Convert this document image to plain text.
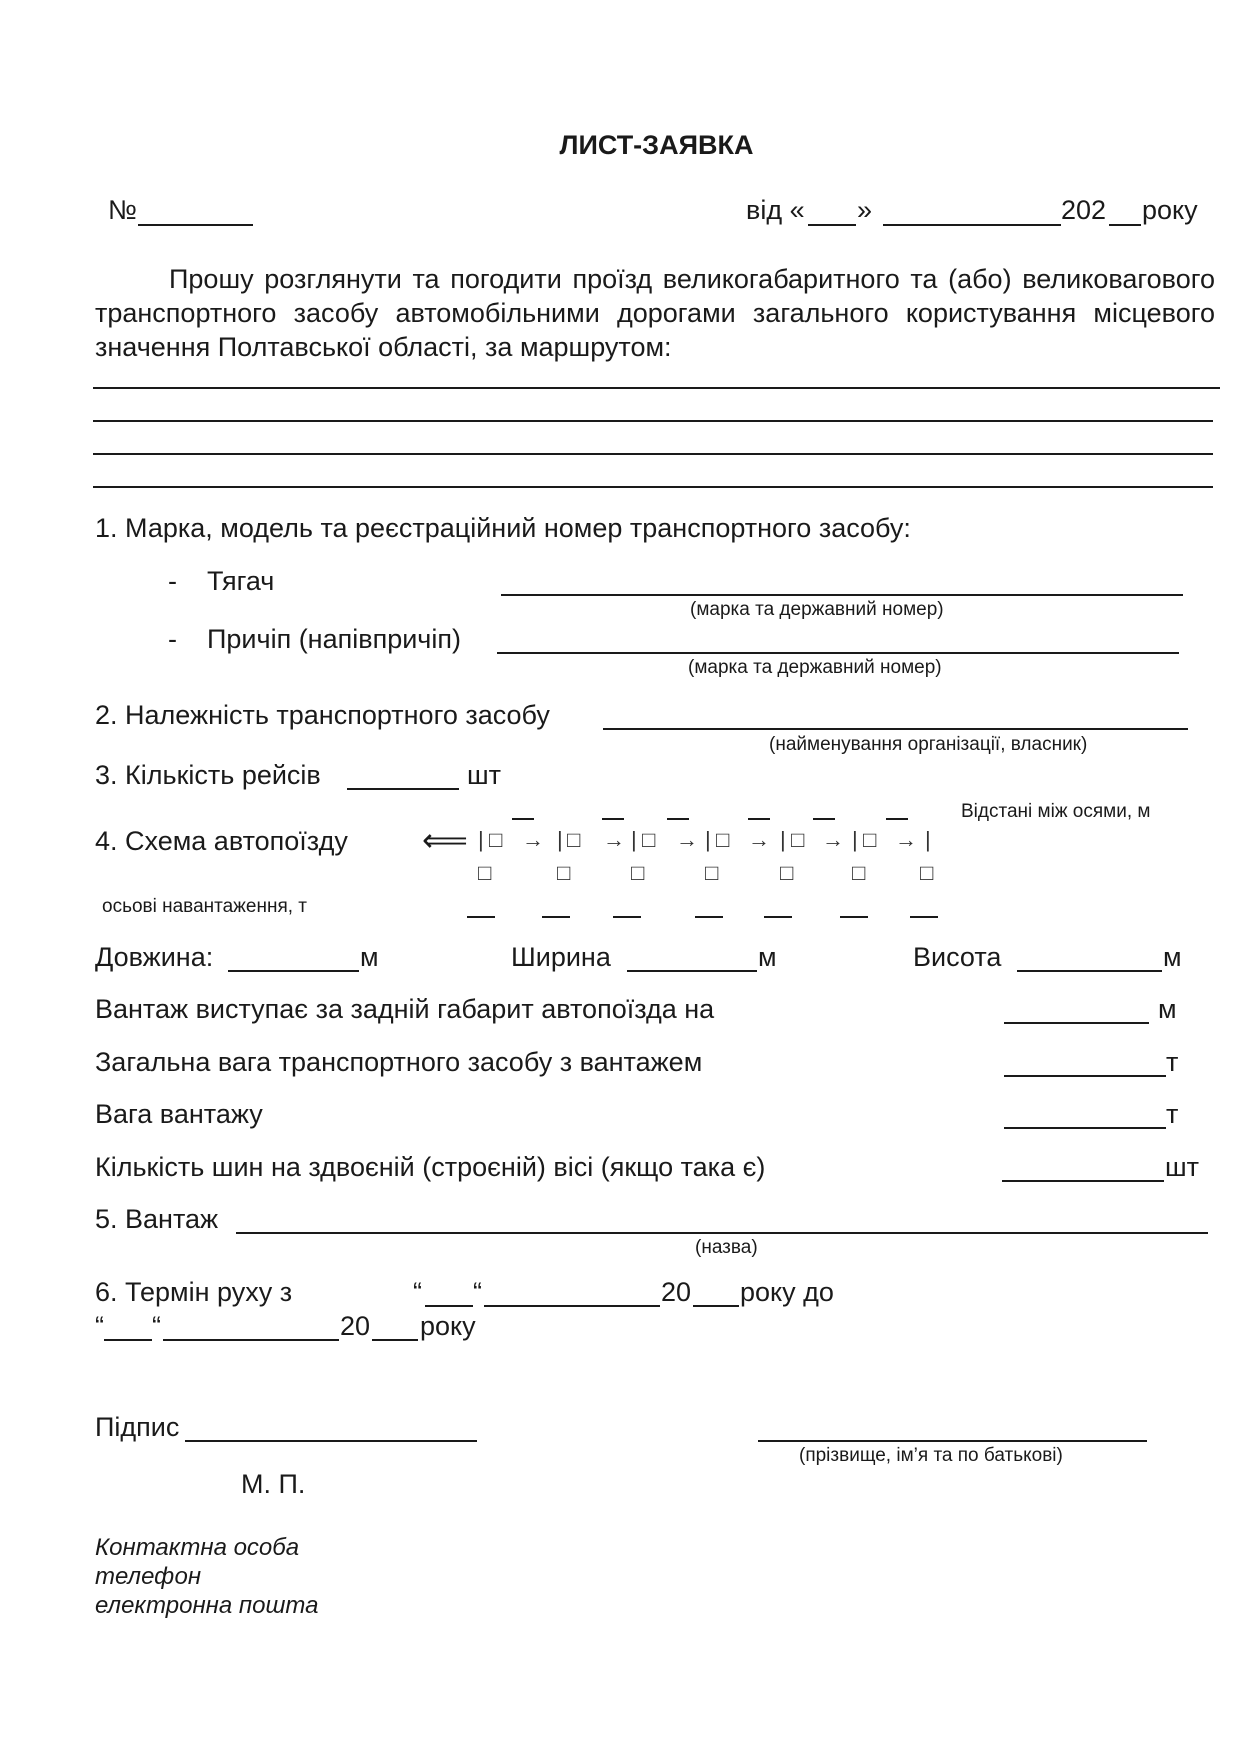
ЛИСТ-ЗАЯВКА
№	від « »	202 року
Прошу розглянути та погодити проїзд великогабаритного та (або) великовагового транспортного засобу автомобільними дорогами загального користування місцевого значення Полтавської області, за маршрутом:
1. Марка, модель та реєстраційний номер транспортного засобу:
- Тягач
(марка та державний номер)
- Причіп (напівпричіп)
(марка та державний номер)
2. Належність транспортного засобу
(найменування організації, власник)
3. Кількість рейсів	шт
4. Схема автопоїзду
Відстані між осями, м
осьові навантаження, т
⟸ | □ → | □ → | □ → | □ → | □ → | □ → |
□	□	□	□	□	□ □
Довжина:	м	Ширина	м	Висота	м
Вантаж виступає за задній габарит автопоїзда на	м
Загальна вага транспортного засобу з вантажем	т
Вага вантажу	т
Кількість шин на здвоєній (строєній) вісі (якщо така є)	шт
5. Вантаж
(назва)
6. Термін руху з	“ “	20 року до
“ “	20 року
Підпис
(прізвище, ім’я та по батькові)
М. П.
Контактна особа
телефон
електронна пошта
